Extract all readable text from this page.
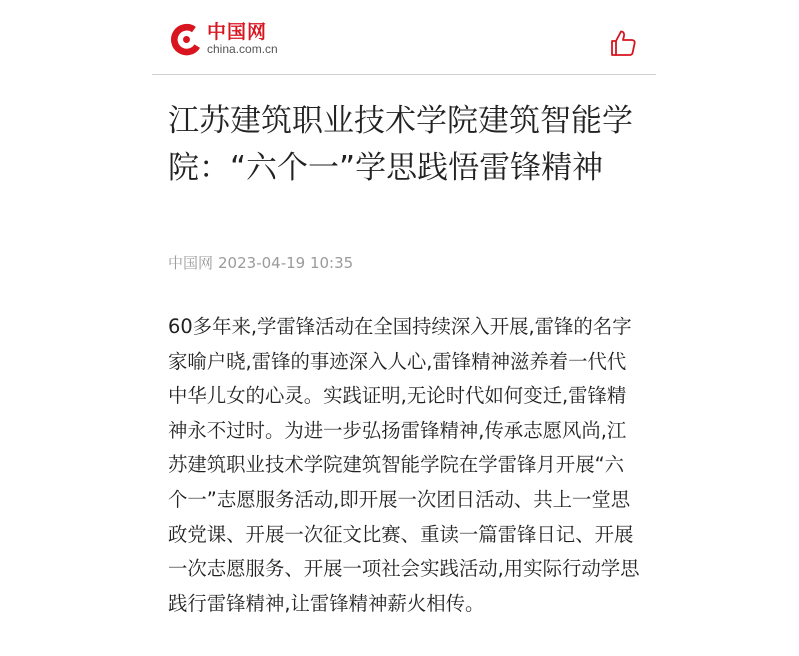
中国网
china.com.cn
江苏建筑职业技术学院建筑智能学院：“六个一”学思践悟雷锋精神
中国网 2023-04-19 10:35

60多年来,学雷锋活动在全国持续深入开展,雷锋的名字家喻户晓,雷锋的事迹深入人心,雷锋精神滋养着一代代中华儿女的心灵。实践证明,无论时代如何变迁,雷锋精神永不过时。为进一步弘扬雷锋精神,传承志愿风尚,江苏建筑职业技术学院建筑智能学院在学雷锋月开展“六个一”志愿服务活动,即开展一次团日活动、共上一堂思政党课、开展一次征文比赛、重读一篇雷锋日记、开展一次志愿服务、开展一项社会实践活动,用实际行动学思践行雷锋精神,让雷锋精神薪火相传。
